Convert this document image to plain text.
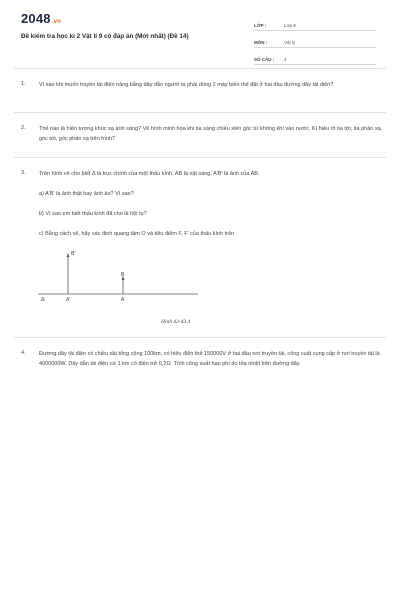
2048.vn
Đề kiểm tra học kì 2 Vật lí 9 có đáp án (Mới nhất) (Đề 14)
LỚP :	Lớp 9
MÔN :	Vật lý
SỐ CÂU :	4
1. Vì sao khi muốn truyền tải điện năng bằng dây dẫn người ta phải dùng 2 máy biến thế đặt ở hai đầu đường dây tải điện?
2. Thế nào là hiện tượng khúc xạ ánh sáng? Vẽ hình minh họa khi tia sáng chiếu xiên góc từ không khí vào nước. Kí hiệu rõ tia tới, tia phản xạ, góc tới, góc phản xạ trên hình?
3. Trên hình vẽ cho biết Δ là trục chính của một thấu kính, AB là vật sáng, A'B' là ảnh của AB.
a) A'B' là ảnh thật hay ảnh ảo? Vì sao?
b) Vì sao em biết thấu kính đã cho là hội tụ?
c) Bằng cách vẽ, hãy xác định quang tâm O và tiêu điểm F, F' của thấu kính trên
Δ	A'
B'
A
B
Hình 42-43.4
4. Đường dây tải điện có chiều dài tổng cộng 100km, có hiệu điện thế 150000V ở hai đầu nơi truyền tải, công suất cung cấp ở nơi truyền tải là 4000000W. Dây dẫn tải điện cứ 1 km có điện trở 0,2Ω. Tính công suất hao phí do tỏa nhiệt trên đường dây.
